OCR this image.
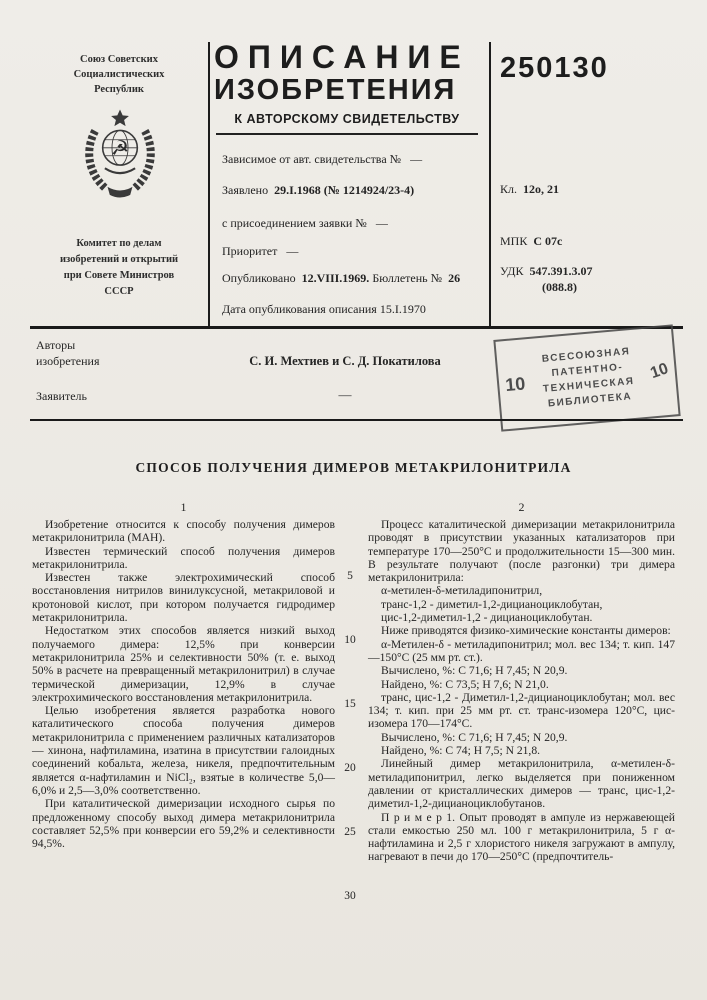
Союз Советских
Социалистических
Республик
☭
Комитет по делам
изобретений и открытий
при Совете Министров
СССР
ОПИСАНИЕ
ИЗОБРЕТЕНИЯ
К АВТОРСКОМУ СВИДЕТЕЛЬСТВУ
Зависимое от авт. свидетельства № —
Заявлено 29.I.1968 (№ 1214924/23-4)
с присоединением заявки № —
Приоритет —
Опубликовано 12.VIII.1969. Бюллетень № 26
Дата опубликования описания 15.I.1970
250130
Кл. 12о, 21
МПК С 07с
УДК 547.391.3.07
(088.8)
Авторы
изобретения	С. И. Мехтиев и С. Д. Покатилова
Заявитель	—	10
ВСЕСОЮЗНАЯ
ПАТЕНТНО-
ТЕХНИЧЕСКАЯ
БИБЛИОТЕКА
10
СПОСОБ ПОЛУЧЕНИЯ ДИМЕРОВ МЕТАКРИЛОНИТРИЛА
1	2

Изобретение относится к способу получения димеров метакрилонитрила (МАН).

Известен термический способ получения димеров метакрилонитрила.

Известен также электрохимический способ восстановления нитрилов винилуксусной, метакриловой и кротоновой кислот, при котором получается гидродимер метакрилонитрила.

Недостатком этих способов является низкий выход получаемого димера: 12,5% при конверсии метакрилонитрила 25% и селективности 50% (т. е. выход 50% в расчете на превращенный метакрилонитрил) в случае термической димеризации, 12,9% в случае электрохимического восстановления метакрилонитрила.

Целью изобретения является разработка нового каталитического способа получения димеров метакрилонитрила с применением различных катализаторов — хинона, нафтиламина, изатина в присутствии галоидных соединений кобальта, железа, никеля, предпочтительным является α-нафтиламин и NiCl₂, взятые в количестве 5,0—6,0% и 2,5—3,0% соответственно.

При каталитической димеризации исходного сырья по предложенному способу выход димера метакрилонитрила составляет 52,5% при конверсии его 59,2% и селективности 94,5%.

Процесс каталитической димеризации метакрилонитрила проводят в присутствии указанных катализаторов при температуре 170—250°С и продолжительности 15—300 мин. В результате получают (после разгонки) три димера метакрилонитрила:

α-метилен-δ-метиладипонитрил,

транс-1,2 - диметил-1,2-дицианоциклобутан,

цис-1,2-диметил-1,2 - дицианоциклобутан.

Ниже приводятся физико-химические константы димеров:

α-Метилен-δ - метиладипонитрил; мол. вес 134; т. кип. 147—150°С (25 мм рт. ст.).

Вычислено, %: С 71,6; Н 7,45; N 20,9.

Найдено, %: С 73,5; Н 7,6; N 21,0.

транс, цис-1,2 - Диметил-1,2-дицианоциклобутан; мол. вес 134; т. кип. при 25 мм рт. ст. транс-изомера 120°С, цис-изомера 170—174°С.

Вычислено, %: С 71,6; Н 7,45; N 20,9.

Найдено, %: С 74; Н 7,5; N 21,8.

Линейный димер метакрилонитрила, α-метилен-δ-метиладипонитрил, легко выделяется при пониженном давлении от кристаллических димеров — транс, цис-1,2-диметил-1,2-дицианоциклобутанов.

П р и м е р 1. Опыт проводят в ампуле из нержавеющей стали емкостью 250 мл. 100 г метакрилонитрила, 5 г α-нафтиламина и 2,5 г хлористого никеля загружают в ампулу, нагревают в печи до 170—250°С (предпочтитель-

5
10
15
20
25
30
